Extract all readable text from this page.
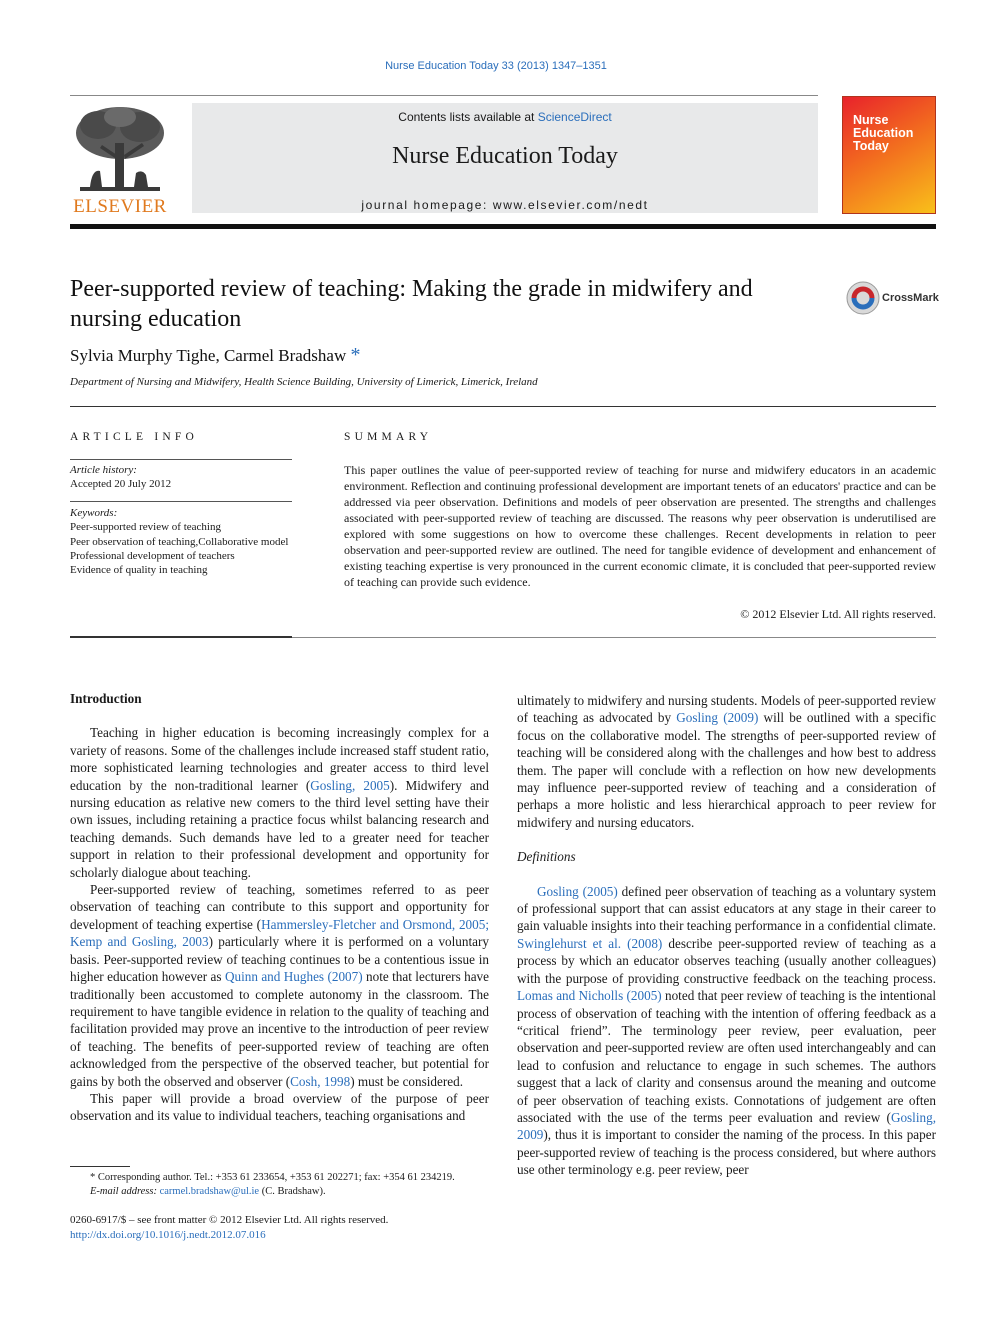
Nurse Education Today 33 (2013) 1347–1351
ELSEVIER
Contents lists available at ScienceDirect
Nurse Education Today
journal homepage: www.elsevier.com/nedt
Nurse
Education
Today
Peer-supported review of teaching: Making the grade in midwifery and nursing education
CrossMark
Sylvia Murphy Tighe, Carmel Bradshaw *
Department of Nursing and Midwifery, Health Science Building, University of Limerick, Limerick, Ireland
ARTICLE INFO
Article history:
Accepted 20 July 2012
Keywords:
Peer-supported review of teaching
Peer observation of teaching,Collaborative model
Professional development of teachers
Evidence of quality in teaching
SUMMARY
This paper outlines the value of peer-supported review of teaching for nurse and midwifery educators in an academic environment. Reflection and continuing professional development are important tenets of an educators' practice and can be addressed via peer observation. Definitions and models of peer observation are presented. The strengths and challenges associated with peer-supported review of teaching are discussed. The reasons why peer observation is underutilised are explored with some suggestions on how to overcome these challenges. Recent developments in relation to peer observation and peer-supported review are outlined. The need for tangible evidence of development and enhancement of existing teaching expertise is very pronounced in the current economic climate, it is concluded that peer-supported review of teaching can provide such evidence.
© 2012 Elsevier Ltd. All rights reserved.
Introduction

Teaching in higher education is becoming increasingly complex for a variety of reasons. Some of the challenges include increased staff student ratio, more sophisticated learning technologies and greater access to third level education by the non-traditional learner (Gosling, 2005). Midwifery and nursing education as relative new comers to the third level setting have their own issues, including retaining a practice focus whilst balancing research and teaching demands. Such demands have led to a greater need for teacher support in relation to their professional development and opportunity for scholarly dialogue about teaching.

Peer-supported review of teaching, sometimes referred to as peer observation of teaching can contribute to this support and opportunity for development of teaching expertise (Hammersley-Fletcher and Orsmond, 2005; Kemp and Gosling, 2003) particularly where it is performed on a voluntary basis. Peer-supported review of teaching continues to be a contentious issue in higher education however as Quinn and Hughes (2007) note that lecturers have traditionally been accustomed to complete autonomy in the classroom. The requirement to have tangible evidence in relation to the quality of teaching and facilitation provided may prove an incentive to the introduction of peer review of teaching. The benefits of peer-supported review of teaching are often acknowledged from the perspective of the observed teacher, but potential for gains by both the observed and observer (Cosh, 1998) must be considered.

This paper will provide a broad overview of the purpose of peer observation and its value to individual teachers, teaching organisations and

ultimately to midwifery and nursing students. Models of peer-supported review of teaching as advocated by Gosling (2009) will be outlined with a specific focus on the collaborative model. The strengths of peer-supported review of teaching will be considered along with the challenges and how best to address them. The paper will conclude with a reflection on how new developments may influence peer-supported review of teaching and a consideration of perhaps a more holistic and less hierarchical approach to peer review for midwifery and nursing educators.

Definitions

Gosling (2005) defined peer observation of teaching as a voluntary system of professional support that can assist educators at any stage in their career to gain valuable insights into their teaching performance in a confidential climate. Swinglehurst et al. (2008) describe peer-supported review of teaching as a process by which an educator observes teaching (usually another colleagues) with the purpose of providing constructive feedback on the teaching process. Lomas and Nicholls (2005) noted that peer review of teaching is the intentional process of observation of teaching with the intention of offering feedback as a “critical friend”. The terminology peer review, peer evaluation, peer observation and peer-supported review are often used interchangeably and can lead to confusion and reluctance to engage in such schemes. The authors suggest that a lack of clarity and consensus around the meaning and outcome of peer observation of teaching exists. Connotations of judgement are often associated with the use of the terms peer evaluation and review (Gosling, 2009), thus it is important to consider the naming of the process. In this paper peer-supported review of teaching is the process considered, but where authors use other terminology e.g. peer review, peer

* Corresponding author. Tel.: +353 61 233654, +353 61 202271; fax: +354 61 234219.
E-mail address: carmel.bradshaw@ul.ie (C. Bradshaw).
0260-6917/$ – see front matter © 2012 Elsevier Ltd. All rights reserved.
http://dx.doi.org/10.1016/j.nedt.2012.07.016
